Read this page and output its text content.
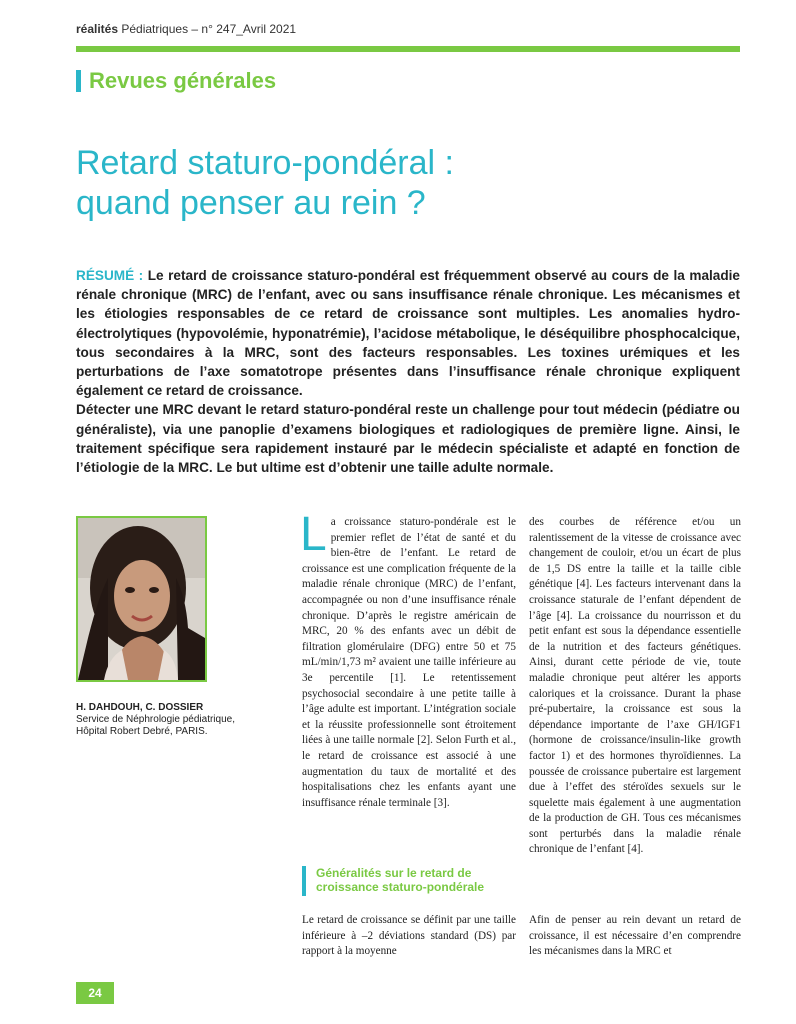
réalités Pédiatriques – n° 247_Avril 2021
Revues générales
Retard staturo-pondéral :
quand penser au rein ?

RÉSUMÉ : Le retard de croissance staturo-pondéral est fréquemment observé au cours de la maladie rénale chronique (MRC) de l’enfant, avec ou sans insuffisance rénale chronique. Les mécanismes et les étiologies responsables de ce retard de croissance sont multiples. Les anomalies hydro-électrolytiques (hypovolémie, hyponatrémie), l’acidose métabolique, le déséquilibre phosphocalcique, tous secondaires à la MRC, sont des facteurs responsables. Les toxines urémiques et les perturbations de l’axe somatotrope présentes dans l’insuffisance rénale chronique expliquent également ce retard de croissance.

Détecter une MRC devant le retard staturo-pondéral reste un challenge pour tout médecin (pédiatre ou généraliste), via une panoplie d’examens biologiques et radiologiques de première ligne. Ainsi, le traitement spécifique sera rapidement instauré par le médecin spécialiste et adapté en fonction de l’étiologie de la MRC. Le but ultime est d’obtenir une taille adulte normale.

H. DAHDOUH, C. DOSSIER
Service de Néphrologie pédiatrique,
Hôpital Robert Debré, PARIS.
L a croissance staturo-pondérale est le premier reflet de l’état de santé et du bien-être de l’enfant. Le retard de croissance est une complication fréquente de la maladie rénale chronique (MRC) de l’enfant, accompagnée ou non d’une insuffisance rénale chronique. D’après le registre américain de MRC, 20 % des enfants avec un débit de filtration glomérulaire (DFG) entre 50 et 75 mL/min/1,73 m² avaient une taille inférieure au 3e percentile [1]. Le retentissement psychosocial secondaire à une petite taille à l’âge adulte est important. L’intégration sociale et la réussite professionnelle sont étroitement liées à une taille normale [2]. Selon Furth et al., le retard de croissance est associé à une augmentation du taux de mortalité et des hospitalisations chez les enfants ayant une insuffisance rénale terminale [3].

Généralités sur le retard de croissance staturo-pondérale

Le retard de croissance se définit par une taille inférieure à –2 déviations standard (DS) par rapport à la moyenne

des courbes de référence et/ou un ralentissement de la vitesse de croissance avec changement de couloir, et/ou un écart de plus de 1,5 DS entre la taille et la taille cible génétique [4]. Les facteurs intervenant dans la croissance staturale de l’enfant dépendent de l’âge [4]. La croissance du nourrisson et du petit enfant est sous la dépendance essentielle de la nutrition et des facteurs génétiques. Ainsi, durant cette période de vie, toute maladie chronique peut altérer les apports caloriques et la croissance. Durant la phase pré-pubertaire, la croissance est sous la dépendance importante de l’axe GH/IGF1 (hormone de croissance/insulin-like growth factor 1) et des hormones thyroïdiennes. La poussée de croissance pubertaire est largement due à l’effet des stéroïdes sexuels sur le squelette mais également à une augmentation de la production de GH. Tous ces mécanismes sont perturbés dans la maladie rénale chronique de l’enfant [4].

Afin de penser au rein devant un retard de croissance, il est nécessaire d’en comprendre les mécanismes dans la MRC et

24
